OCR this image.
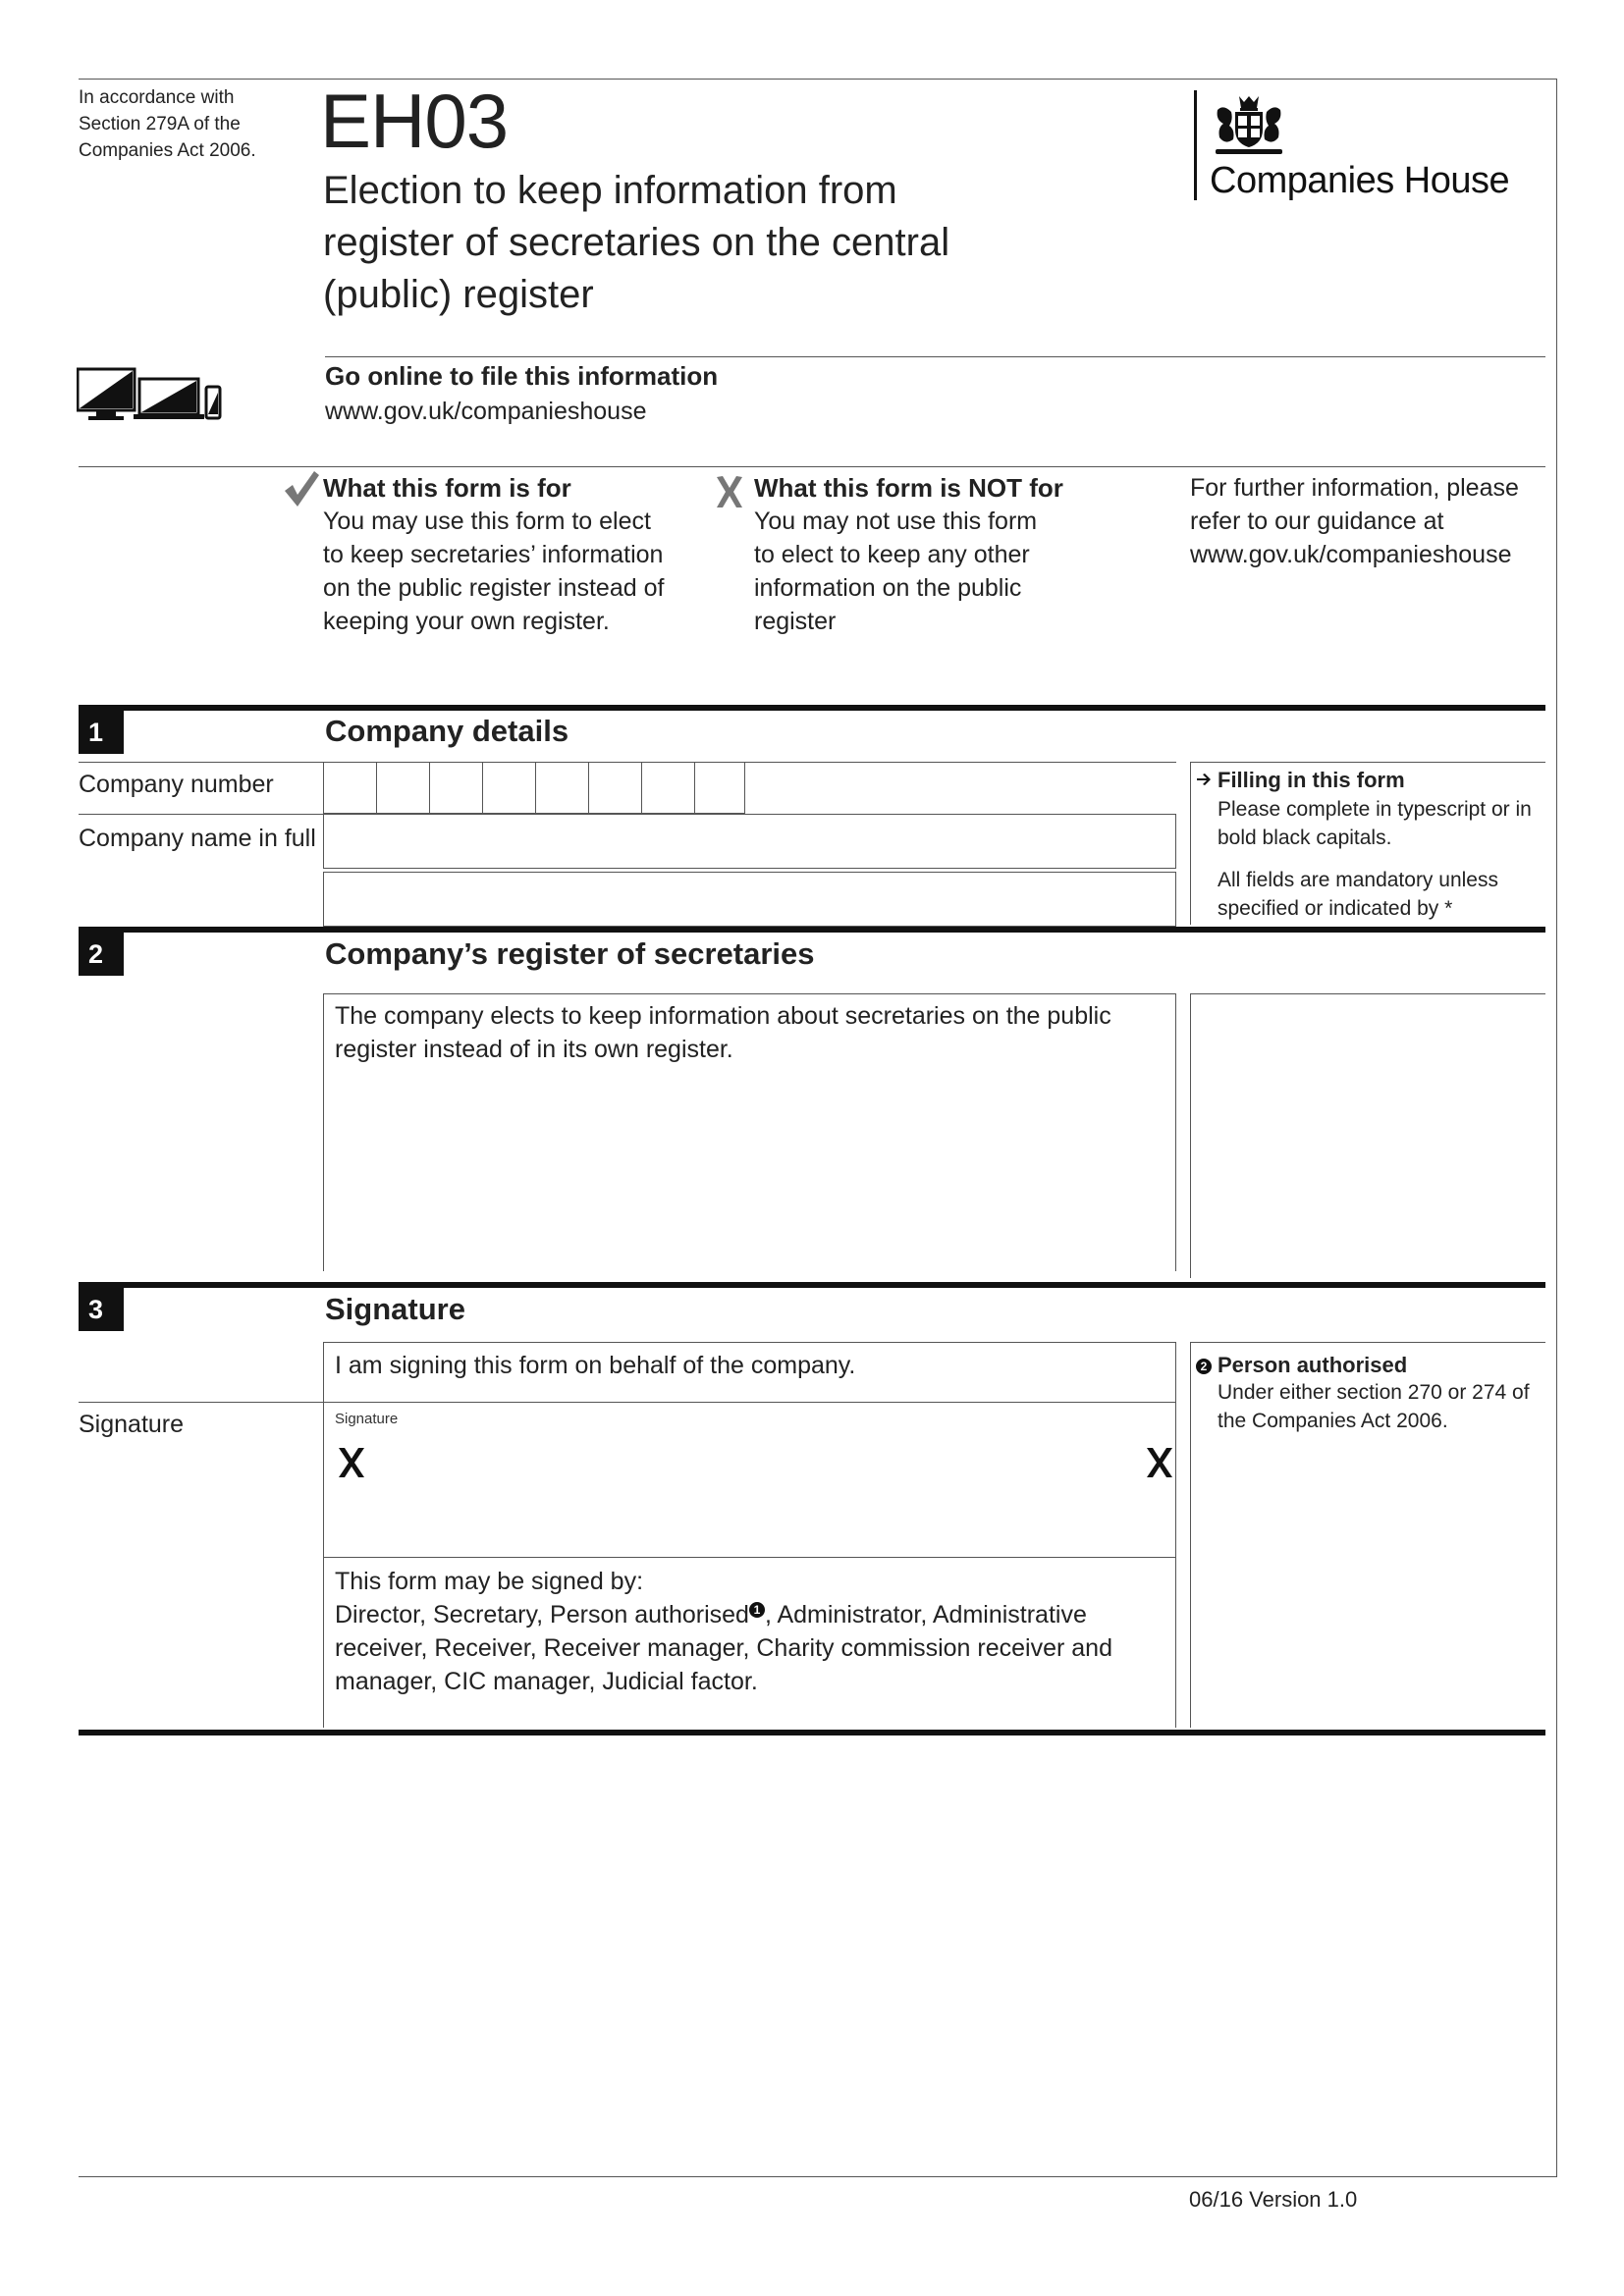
In accordance with Section 279A of the Companies Act 2006. EH03
Election to keep information from register of secretaries on the central (public) register
Companies House
Go online to file this information
www.gov.uk/companieshouse
What this form is for
You may use this form to elect to keep secretaries’ information on the public register instead of keeping your own register.
What this form is NOT for
You may not use this form to elect to keep any other information on the public register
For further information, please refer to our guidance at www.gov.uk/companieshouse
1	Company details
Company number
Company name in full
Filling in this form
Please complete in typescript or in bold black capitals.
All fields are mandatory unless specified or indicated by *
2	Company’s register of secretaries
The company elects to keep information about secretaries on the public register instead of in its own register.
3	Signature
I am signing this form on behalf of the company.
Signature	Signature
This form may be signed by:
Director, Secretary, Person authorised 1 , Administrator, Administrative receiver, Receiver, Receiver manager, Charity commission receiver and manager, CIC manager, Judicial factor.
2 Person authorised
Under either section 270 or 274 of the Companies Act 2006.
06/16 Version 1.0
